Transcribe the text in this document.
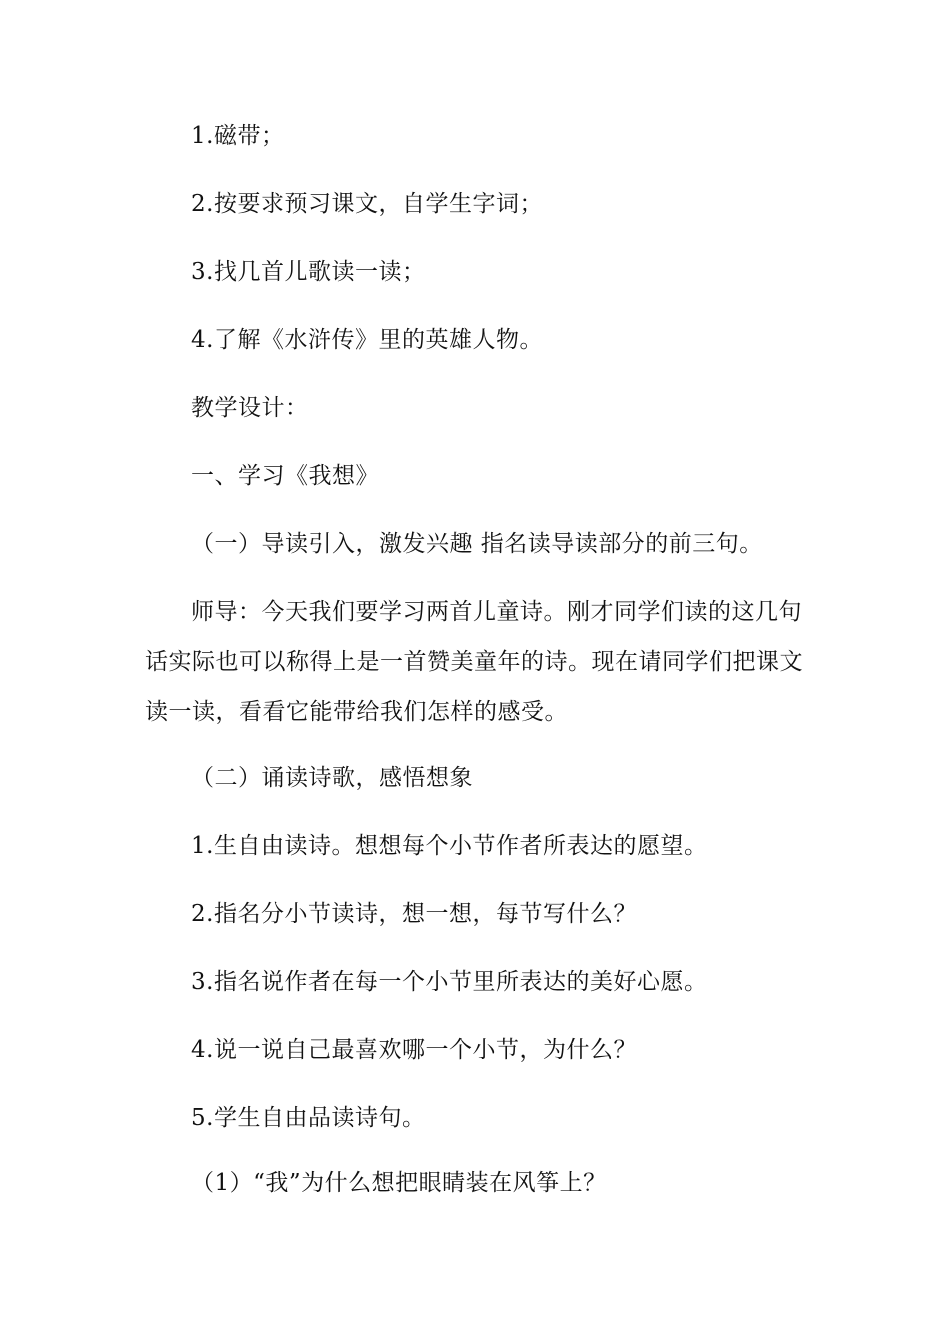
1.磁带；
2.按要求预习课文，自学生字词；
3.找几首儿歌读一读；
4.了解《水浒传》里的英雄人物。
教学设计：
一、学习《我想》
（一）导读引入，激发兴趣 指名读导读部分的前三句。
师导：今天我们要学习两首儿童诗。刚才同学们读的这几句
话实际也可以称得上是一首赞美童年的诗。现在请同学们把课文
读一读，看看它能带给我们怎样的感受。
（二）诵读诗歌，感悟想象
1.生自由读诗。想想每个小节作者所表达的愿望。
2.指名分小节读诗，想一想，每节写什么？
3.指名说作者在每一个小节里所表达的美好心愿。
4.说一说自己最喜欢哪一个小节，为什么？
5.学生自由品读诗句。
（1）“我”为什么想把眼睛装在风筝上？
